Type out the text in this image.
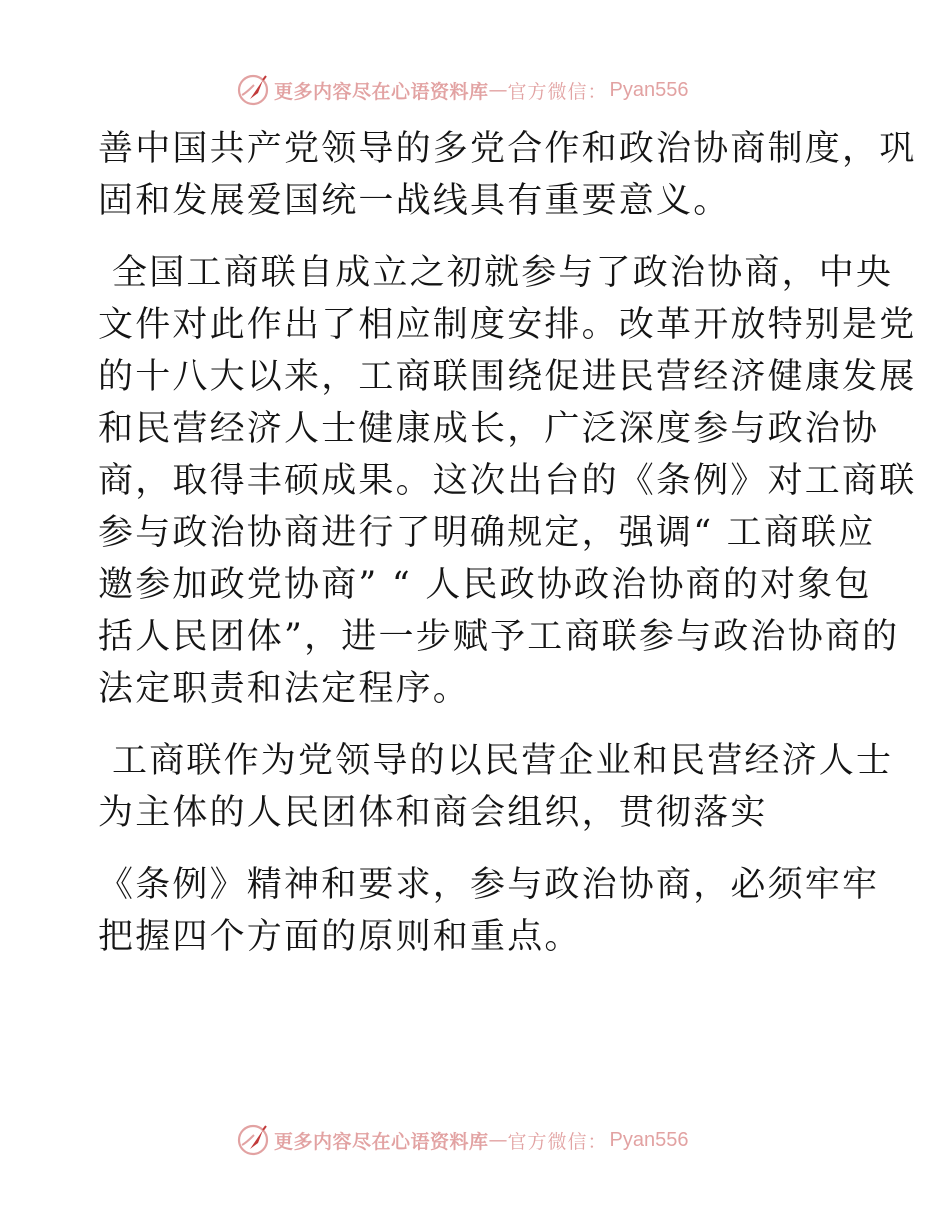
更多内容尽在心语资料库 — 官方微信： Pyan556

善中国共产党领导的多党合作和政治协商制度，巩
固和发展爱国统一战线具有重要意义。

全国工商联自成立之初就参与了政治协商，中央
文件对此作出了相应制度安排。改革开放特别是党
的十八大以来，工商联围绕促进民营经济健康发展
和民营经济人士健康成长，广泛深度参与政治协
商，取得丰硕成果。这次出台的《条例》对工商联
参与政治协商进行了明确规定，强调“ 工商联应
邀参加政党协商” “ 人民政协政治协商的对象包
括人民团体”，进一步赋予工商联参与政治协商的
法定职责和法定程序。

工商联作为党领导的以民营企业和民营经济人士
为主体的人民团体和商会组织，贯彻落实

《条例》精神和要求，参与政治协商，必须牢牢
把握四个方面的原则和重点。

更多内容尽在心语资料库 — 官方微信： Pyan556
